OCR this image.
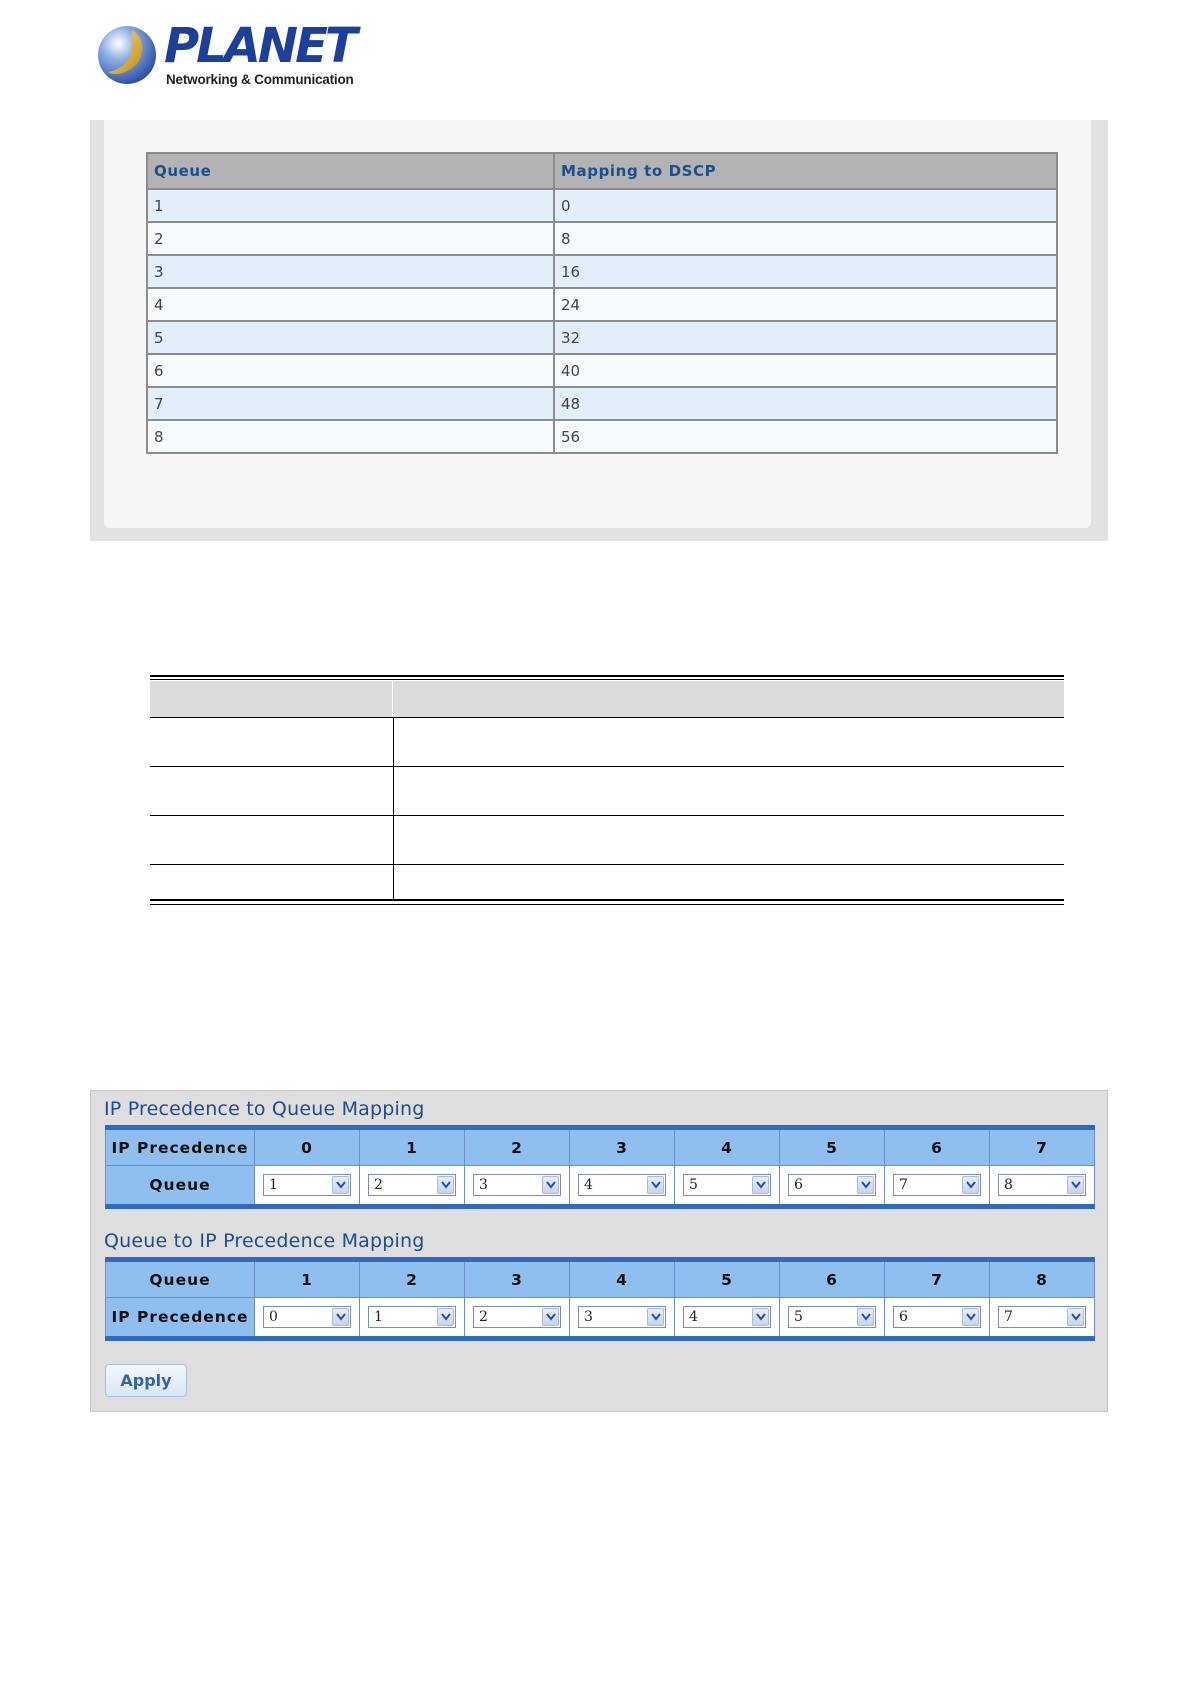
PLANET
Networking & Communication
Queue	Mapping to DSCP
1	0
2	8
3	16
4	24
5	32
6	40
7	48
8	56
IP Precedence to Queue Mapping
IP Precedence	0	1	2	3	4	5	6	7
Queue	1	2	3	4	5	6	7	8
Queue to IP Precedence Mapping
Queue	1	2	3	4	5	6	7	8
IP Precedence	0	1	2	3	4	5	6	7
Apply
